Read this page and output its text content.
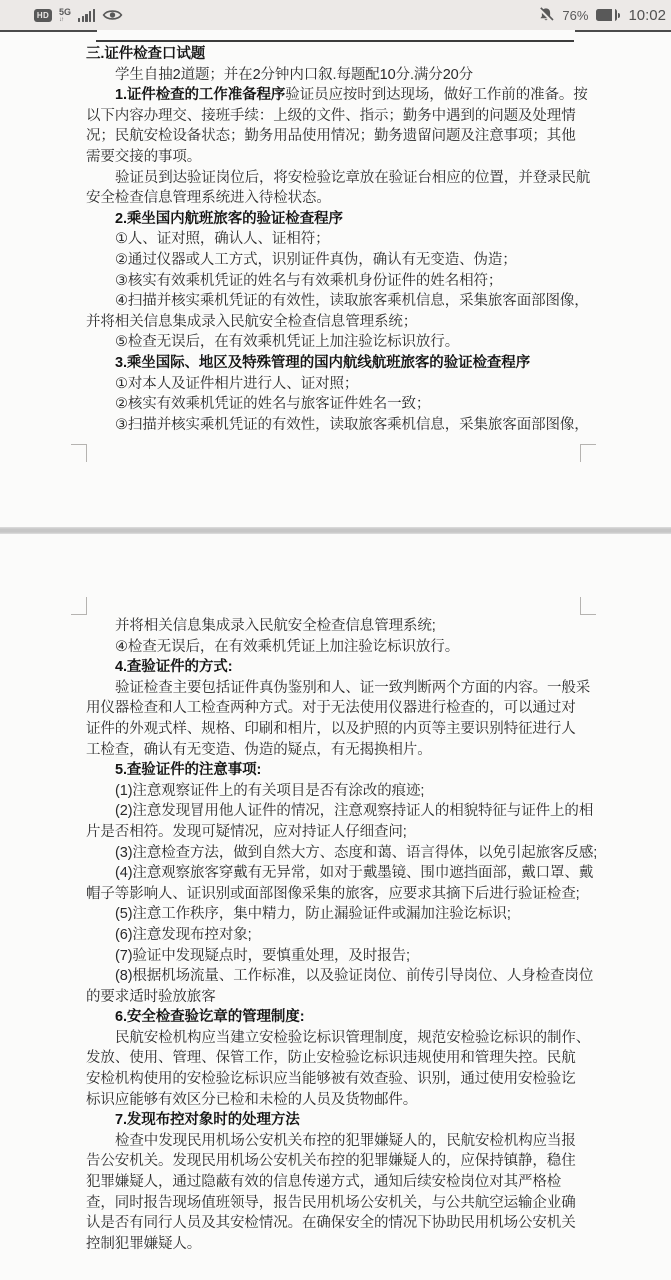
HD	5G
↓↑	76%	10:02
三.证件检查口试题
学生自抽2道题；并在2分钟内口叙.每题配10分.满分20分
1.证件检查的工作准备程序验证员应按时到达现场，做好工作前的准备。按
以下内容办理交、接班手续：上级的文件、指示；勤务中遇到的问题及处理情
况；民航安检设备状态；勤务用品使用情况；勤务遗留问题及注意事项；其他
需要交接的事项。
验证员到达验证岗位后，将安检验讫章放在验证台相应的位置，并登录民航
安全检查信息管理系统进入待检状态。
2.乘坐国内航班旅客的验证检查程序
①人、证对照，确认人、证相符；
②通过仪器或人工方式，识别证件真伪，确认有无变造、伪造；
③核实有效乘机凭证的姓名与有效乘机身份证件的姓名相符；
④扫描并核实乘机凭证的有效性，读取旅客乘机信息，采集旅客面部图像，
并将相关信息集成录入民航安全检查信息管理系统；
⑤检查无误后，在有效乘机凭证上加注验讫标识放行。
3.乘坐国际、地区及特殊管理的国内航线航班旅客的验证检查程序
①对本人及证件相片进行人、证对照；
②核实有效乘机凭证的姓名与旅客证件姓名一致；
③扫描并核实乘机凭证的有效性，读取旅客乘机信息，采集旅客面部图像，
并将相关信息集成录入民航安全检查信息管理系统;
④检查无误后，在有效乘机凭证上加注验讫标识放行。
4.查验证件的方式:
验证检查主要包括证件真伪鉴别和人、证一致判断两个方面的内容。一般采
用仪器检查和人工检查两种方式。对于无法使用仪器进行检查的，可以通过对
证件的外观式样、规格、印刷和相片，以及护照的内页等主要识别特征进行人
工检查，确认有无变造、伪造的疑点，有无揭换相片。
5.查验证件的注意事项:
(1)注意观察证件上的有关项目是否有涂改的痕迹;
(2)注意发现冒用他人证件的情况，注意观察持证人的相貌特征与证件上的相
片是否相符。发现可疑情况，应对持证人仔细查问;
(3)注意检查方法，做到自然大方、态度和蔼、语言得体，以免引起旅客反感;
(4)注意观察旅客穿戴有无异常，如对于戴墨镜、围巾遮挡面部，戴口罩、戴
帽子等影响人、证识别或面部图像采集的旅客，应要求其摘下后进行验证检查;
(5)注意工作秩序，集中精力，防止漏验证件或漏加注验讫标识;
(6)注意发现布控对象;
(7)验证中发现疑点时，要慎重处理，及时报告;
(8)根据机场流量、工作标准，以及验证岗位、前传引导岗位、人身检查岗位
的要求适时验放旅客
6.安全检查验讫章的管理制度:
民航安检机构应当建立安检验讫标识管理制度，规范安检验讫标识的制作、
发放、使用、管理、保管工作，防止安检验讫标识违规使用和管理失控。民航
安检机构使用的安检验讫标识应当能够被有效查验、识别，通过使用安检验讫
标识应能够有效区分已检和未检的人员及货物邮件。
7.发现布控对象时的处理方法
检查中发现民用机场公安机关布控的犯罪嫌疑人的，民航安检机构应当报
告公安机关。发现民用机场公安机关布控的犯罪嫌疑人的，应保持镇静，稳住
犯罪嫌疑人，通过隐蔽有效的信息传递方式，通知后续安检岗位对其严格检
查，同时报告现场值班领导，报告民用机场公安机关，与公共航空运输企业确
认是否有同行人员及其安检情况。在确保安全的情况下协助民用机场公安机关
控制犯罪嫌疑人。
